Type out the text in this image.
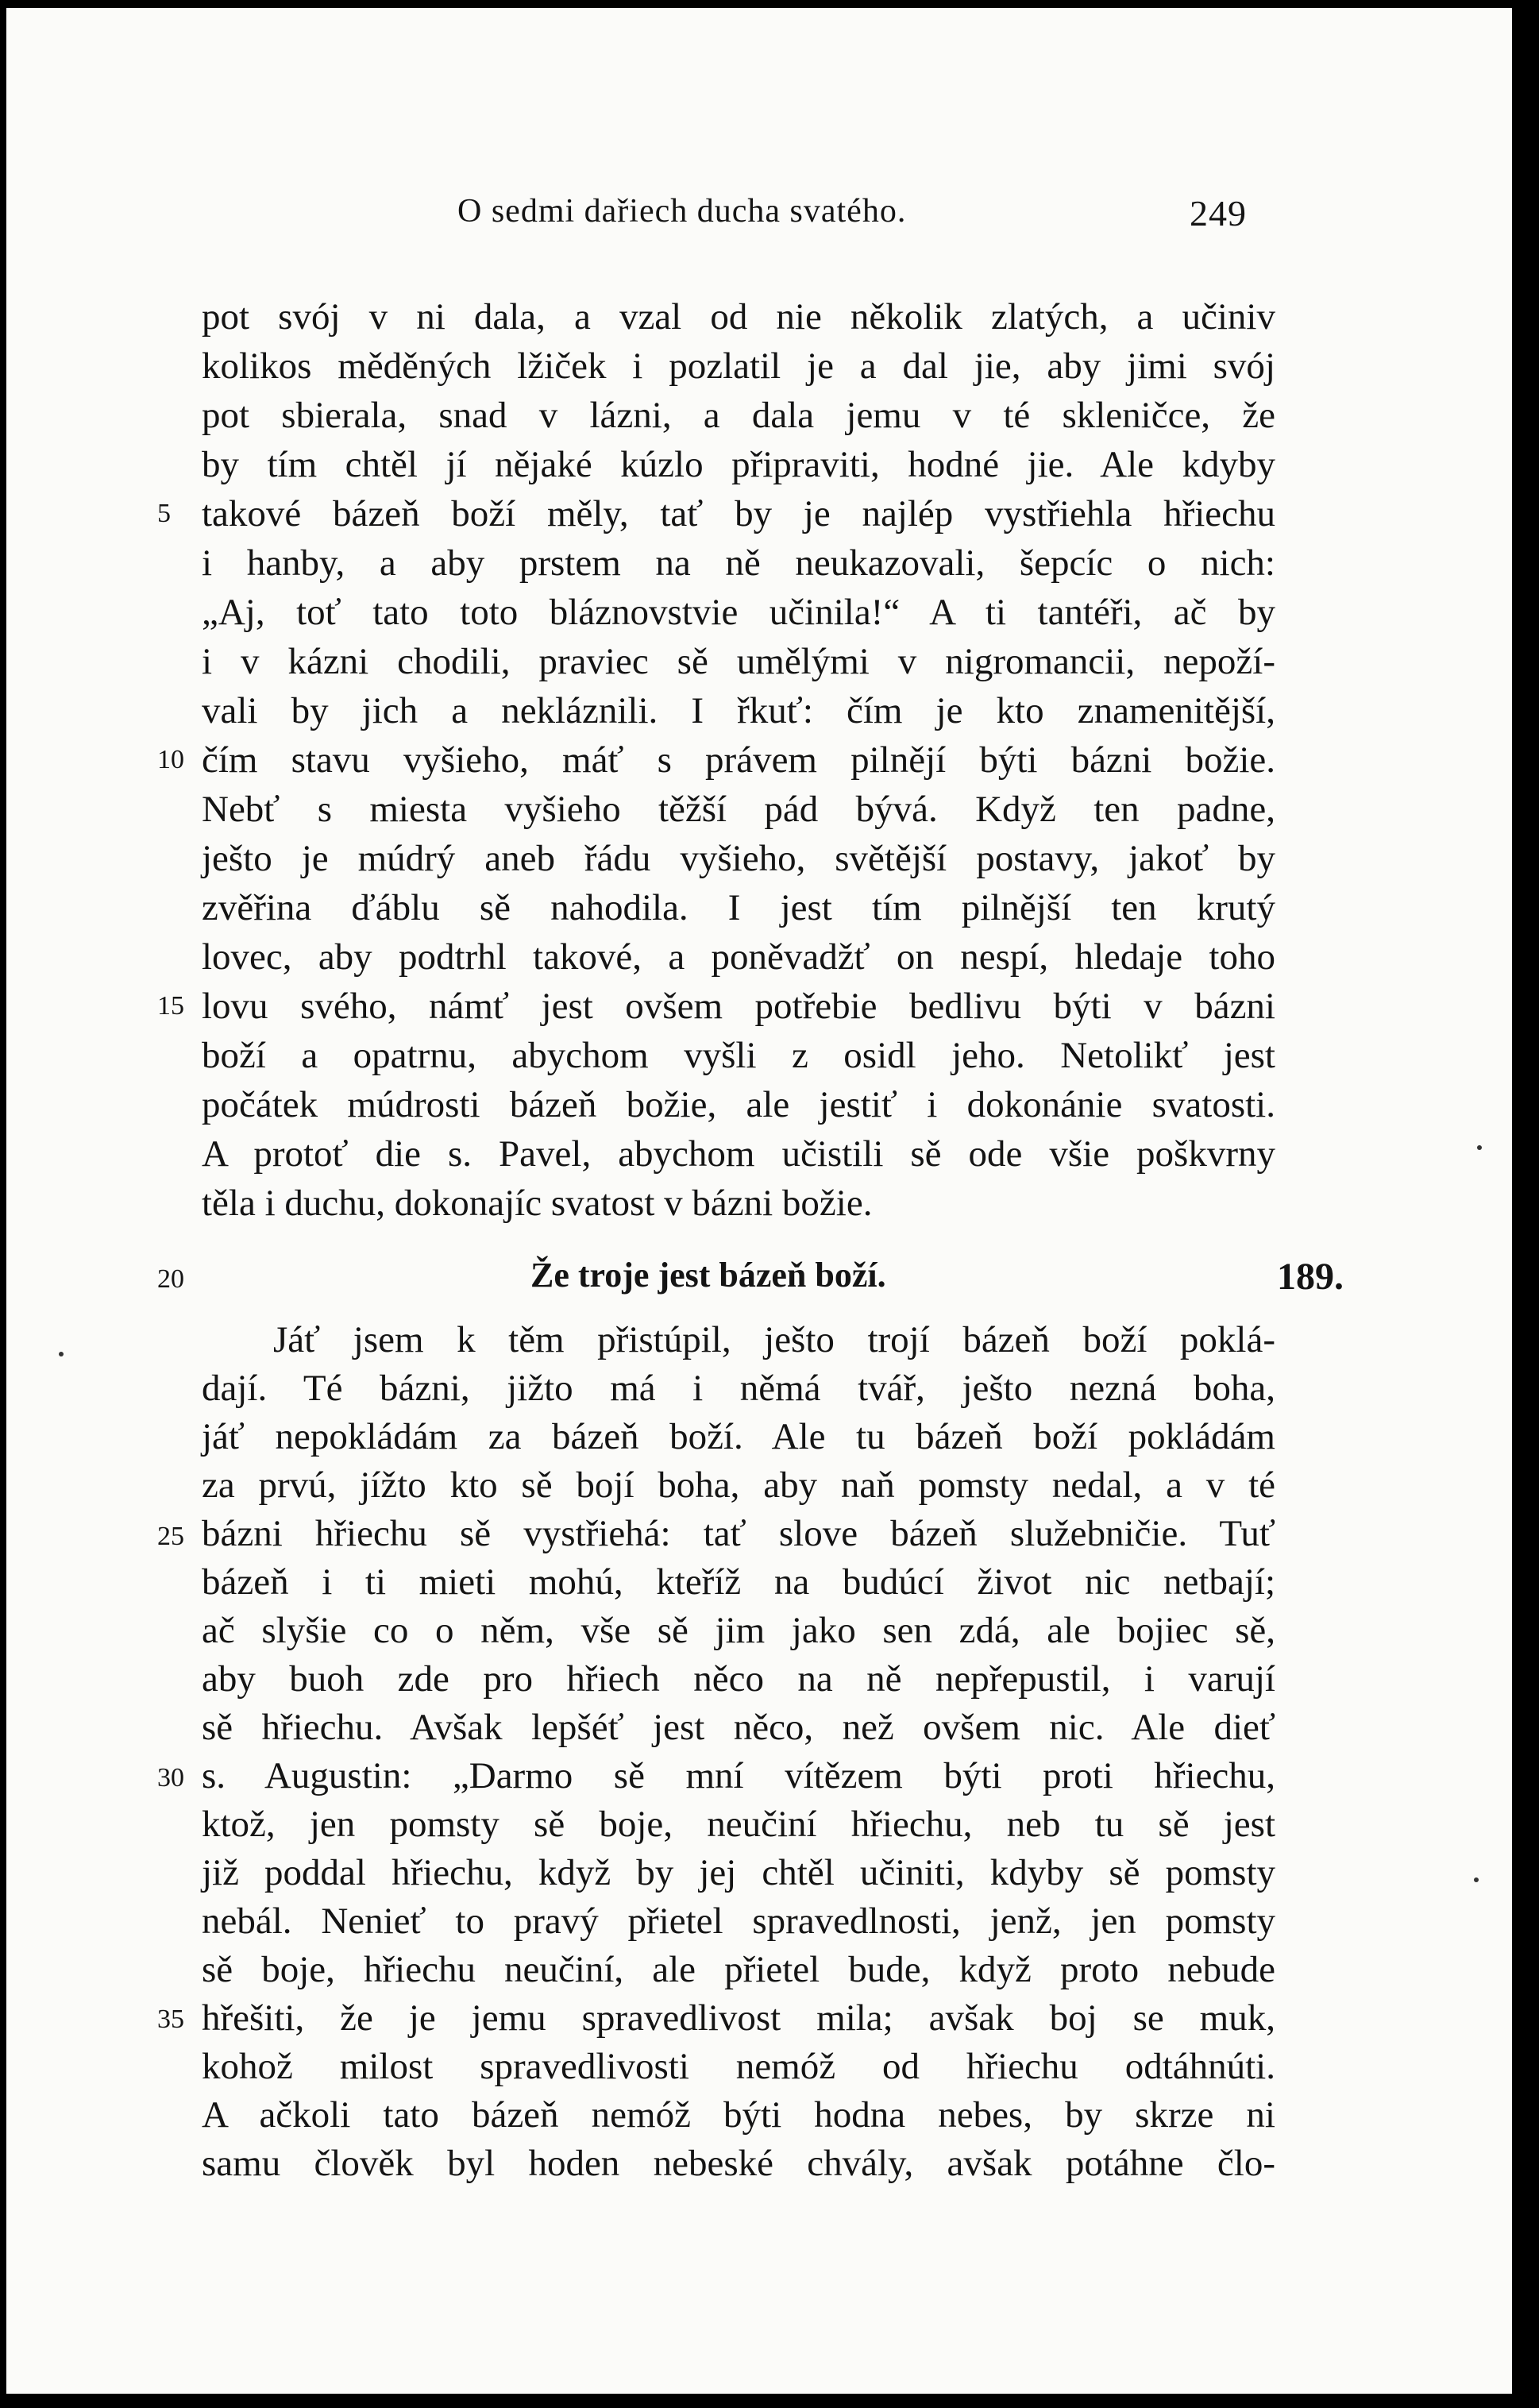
O sedmi dařiech ducha svatého.	249
pot svój v ni dala, a vzal od nie několik zlatých, a učiniv
kolikos měděných lžiček i pozlatil je a dal jie, aby jimi svój
pot sbierala, snad v lázni, a dala jemu v té skleničce, že
by tím chtěl jí nějaké kúzlo připraviti, hodné jie. Ale kdyby
takové bázeň boží měly, tať by je najlép vystřiehla hřiechu
i hanby, a aby prstem na ně neukazovali, šepcíc o nich:
„Aj, toť tato toto bláznovstvie učinila!“ A ti tantéři, ač by
i v kázni chodili, praviec sě umělými v nigromancii, nepoží-
vali by jich a nekláznili. I řkuť: čím je kto znamenitější,
čím stavu vyšieho, máť s právem pilnějí býti bázni božie.
Nebť s miesta vyšieho těžší pád bývá. Když ten padne,
ješto je múdrý aneb řádu vyšieho, světější postavy, jakoť by
zvěřina ďáblu sě nahodila. I jest tím pilnější ten krutý
lovec, aby podtrhl takové, a poněvadžť on nespí, hledaje toho
lovu svého, námť jest ovšem potřebie bedlivu býti v bázni
boží a opatrnu, abychom vyšli z osidl jeho. Netolikť jest
počátek múdrosti bázeň božie, ale jestiť i dokonánie svatosti.
A protoť die s. Pavel, abychom učistili sě ode všie poškvrny
těla i duchu, dokonajíc svatost v bázni božie.
5
10
15
20
25
30
35
Že troje jest bázeň boží.	189.
Jáť jsem k těm přistúpil, ješto trojí bázeň boží poklá-
dají. Té bázni, jižto má i němá tvář, ješto nezná boha,
jáť nepokládám za bázeň boží. Ale tu bázeň boží pokládám
za prvú, jížto kto sě bojí boha, aby naň pomsty nedal, a v té
bázni hřiechu sě vystřiehá: tať slove bázeň služebničie. Tuť
bázeň i ti mieti mohú, kteříž na budúcí život nic netbají;
ač slyšie co o něm, vše sě jim jako sen zdá, ale bojiec sě,
aby buoh zde pro hřiech něco na ně nepřepustil, i varují
sě hřiechu. Avšak lepšéť jest něco, než ovšem nic. Ale dieť
s. Augustin: „Darmo sě mní vítězem býti proti hřiechu,
ktož, jen pomsty sě boje, neučiní hřiechu, neb tu sě jest
již poddal hřiechu, když by jej chtěl učiniti, kdyby sě pomsty
nebál. Nenieť to pravý přietel spravedlnosti, jenž, jen pomsty
sě boje, hřiechu neučiní, ale přietel bude, když proto nebude
hřešiti, že je jemu spravedlivost mila; avšak boj se muk,
kohož milost spravedlivosti nemóž od hřiechu odtáhnúti.
A ačkoli tato bázeň nemóž býti hodna nebes, by skrze ni
samu člověk byl hoden nebeské chvály, avšak potáhne člo-
